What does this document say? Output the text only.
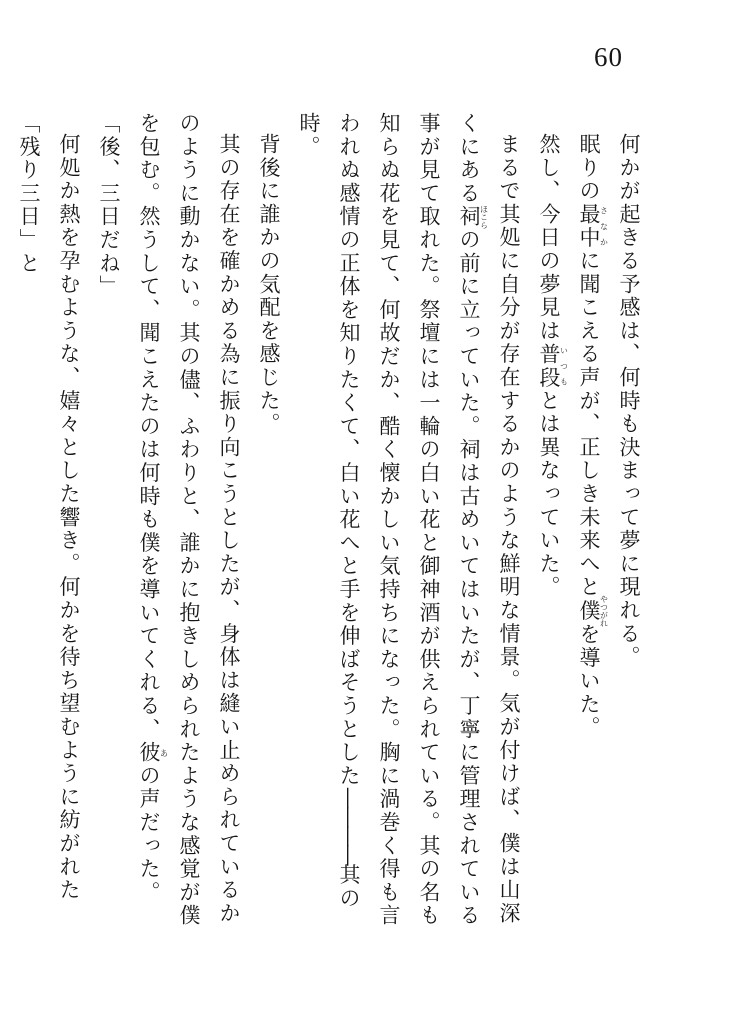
60

何かが起きる予感は、何時も決まって夢に現れる。

眠りの最中さなかに聞こえる声が、正しき未来へと僕やつがれを導いた。

然し、今日の夢見は普段いつもとは異なっていた。

まるで其処に自分が存在するかのような鮮明な情景。気が付けば、僕は山深くにある祠ほこらの前に立っていた。祠は古めいてはいたが、丁寧に管理されている事が見て取れた。祭壇には一輪の白い花と御神酒が供えられている。其の名も知らぬ花を見て、何故だか、酷く懐かしい気持ちになった。胸に渦巻く得も言われぬ感情の正体を知りたくて、白い花へと手を伸ばそうとした――――其の時。

背後に誰かの気配を感じた。

其の存在を確かめる為に振り向こうとしたが、身体は縫い止められているかのように動かない。其の儘、ふわりと、誰かに抱きしめられたような感覚が僕を包む。然うして、聞こえたのは何時も僕を導いてくれる、彼あの声だった。

「後、三日だね」

何処か熱を孕むような、嬉々とした響き。何かを待ち望むように紡がれた「残り三日」と
